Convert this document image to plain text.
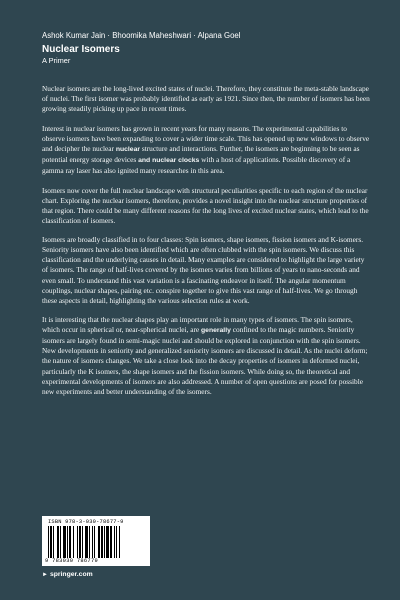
Ashok Kumar Jain · Bhoomika Maheshwari · Alpana Goel
Nuclear Isomers
A Primer

Nuclear isomers are the long-lived excited states of nuclei. Therefore, they constitute the meta-stable landscape of nuclei. The first isomer was probably identified as early as 1921. Since then, the number of isomers has been growing steadily picking up pace in recent times.

Interest in nuclear isomers has grown in recent years for many reasons. The experimental capabilities to observe isomers have been expanding to cover a wider time scale. This has opened up new windows to observe and decipher the nuclear nuclear structure and interactions. Further, the isomers are beginning to be seen as potential energy storage devices and nuclear clocks with a host of applications. Possible discovery of a gamma ray laser has also ignited many researches in this area.

Isomers now cover the full nuclear landscape with structural peculiarities specific to each region of the nuclear chart. Exploring the nuclear isomers, therefore, provides a novel insight into the nuclear structure properties of that region. There could be many different reasons for the long lives of excited nuclear states, which lead to the classification of isomers.

Isomers are broadly classified in to four classes: Spin isomers, shape isomers, fission isomers and K-isomers. Seniority isomers have also been identified which are often clubbed with the spin isomers. We discuss this classification and the underlying causes in detail. Many examples are considered to highlight the large variety of isomers. The range of half-lives covered by the isomers varies from billions of years to nano-seconds and even small. To understand this vast variation is a fascinating endeavor in itself. The angular momentum couplings, nuclear shapes, pairing etc. conspire together to give this vast range of half-lives. We go through these aspects in detail, highlighting the various selection rules at work.

It is interesting that the nuclear shapes play an important role in many types of isomers. The spin isomers, which occur in spherical or, near-spherical nuclei, are generally confined to the magic numbers. Seniority isomers are largely found in semi-magic nuclei and should be explored in conjunction with the spin isomers. New developments in seniority and generalized seniority isomers are discussed in detail. As the nuclei deform; the nature of isomers changes. We take a close look into the decay properties of isomers in deformed nuclei, particularly the K isomers, the shape isomers and the fission isomers. While doing so, the theoretical and experimental developments of isomers are also addressed. A number of open questions are posed for possible new experiments and better understanding of the isomers.

ISBN 978-3-030-78677-9
9 783030 786779
► springer.com
